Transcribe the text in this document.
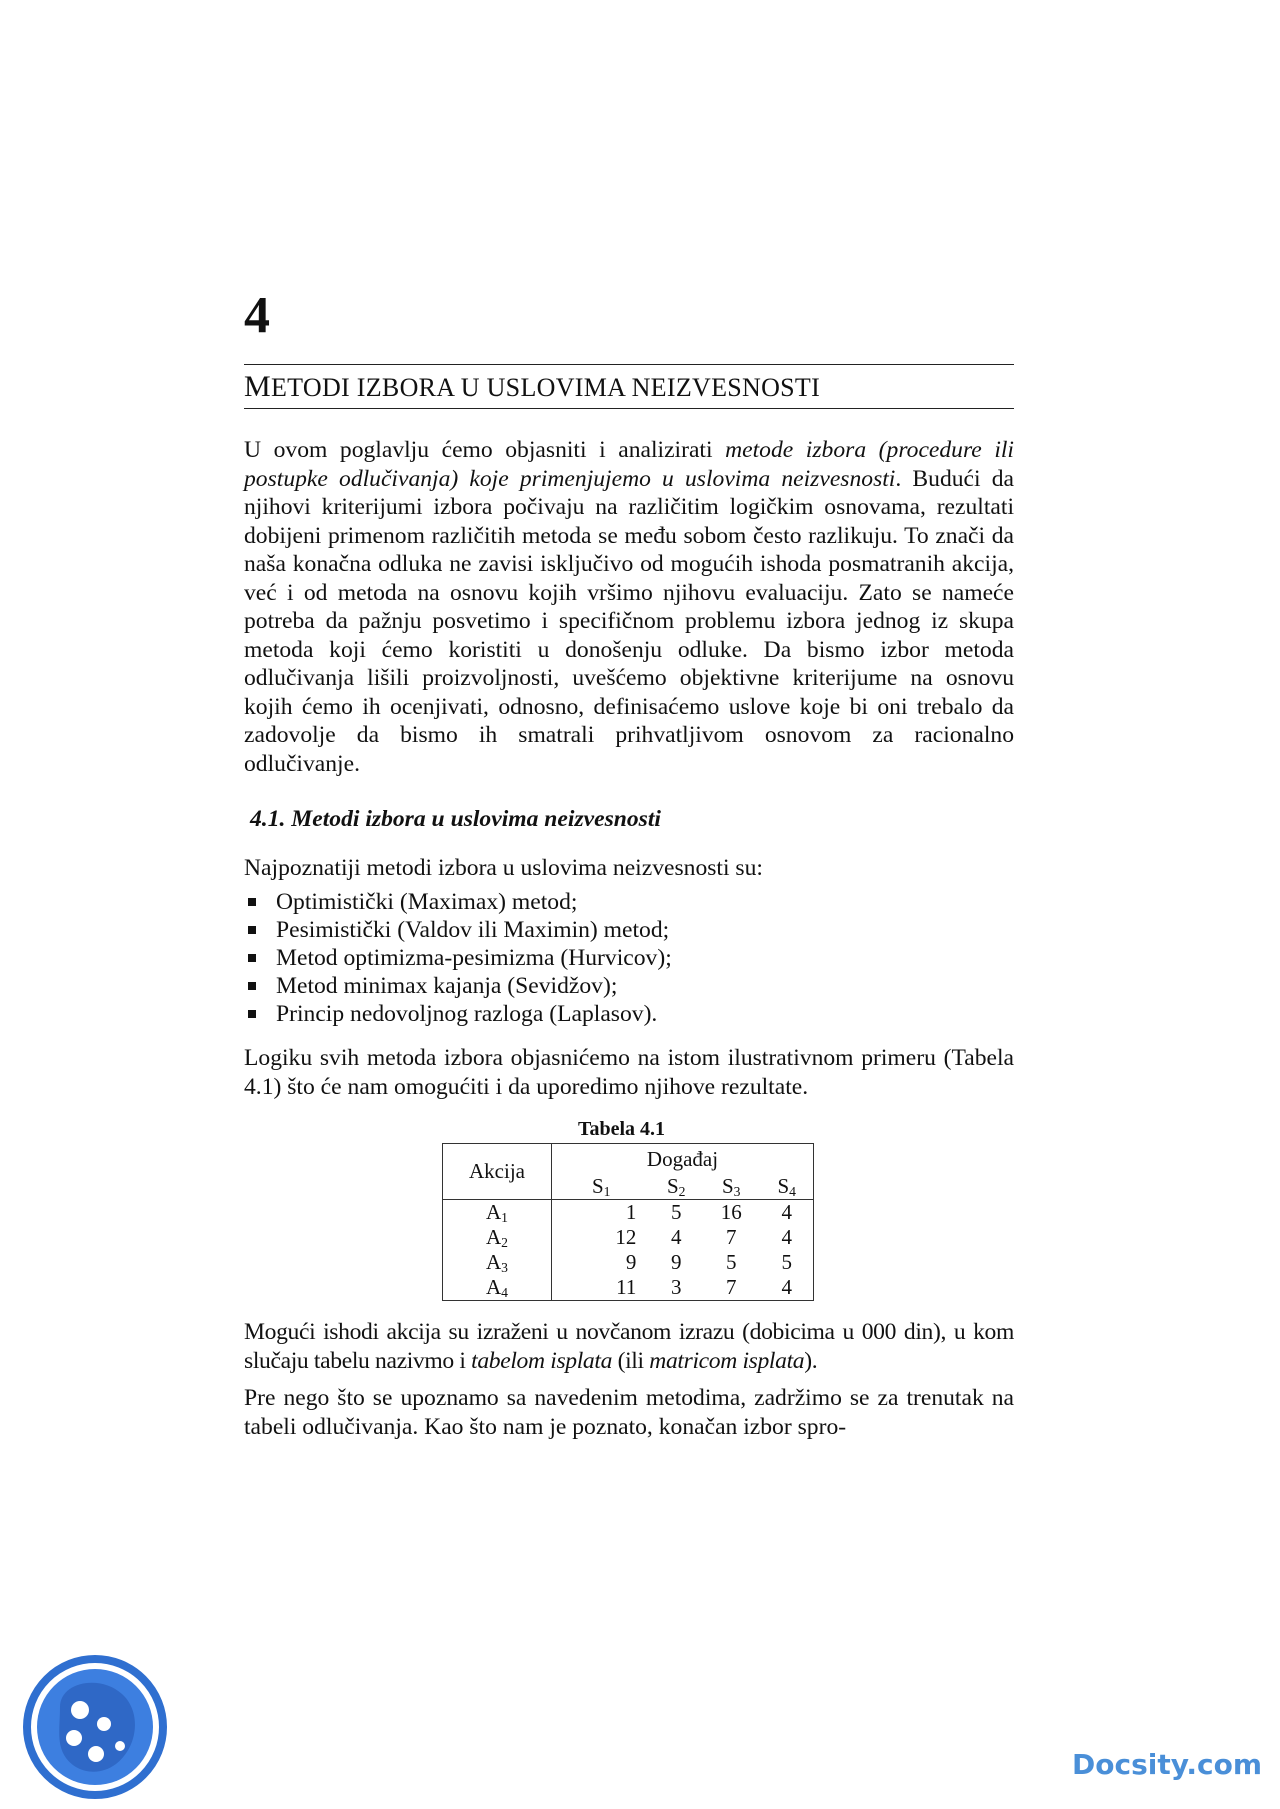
4
METODI IZBORA U USLOVIMA NEIZVESNOSTI
U ovom poglavlju ćemo objasniti i analizirati metode izbora (procedure ili postupke odlučivanja) koje primenjujemo u uslovima neizvesnosti. Budući da njihovi kriterijumi izbora počivaju na različitim logičkim osnovama, rezultati dobijeni primenom različitih metoda se među sobom često razlikuju. To znači da naša konačna odluka ne zavisi isključivo od mogućih ishoda posmatranih akcija, već i od metoda na osnovu kojih vršimo njihovu evaluaciju. Zato se nameće potreba da pažnju posvetimo i specifičnom problemu izbora jednog iz skupa metoda koji ćemo koristiti u donošenju odluke. Da bismo izbor metoda odlučivanja lišili proizvoljnosti, uvešćemo objektivne kriterijume na osnovu kojih ćemo ih ocenjivati, odnosno, definisaćemo uslove koje bi oni trebalo da zadovolje da bismo ih smatrali prihvatljivom osnovom za racionalno odlučivanje.
4.1. Metodi izbora u uslovima neizvesnosti
Najpoznatiji metodi izbora u uslovima neizvesnosti su:
Optimistički (Maximax) metod;
Pesimistički (Valdov ili Maximin) metod;
Metod optimizma-pesimizma (Hurvicov);
Metod minimax kajanja (Sevidžov);
Princip nedovoljnog razloga (Laplasov).
Logiku svih metoda izbora objasnićemo na istom ilustrativnom primeru (Tabela 4.1) što će nam omogućiti i da uporedimo njihove rezultate.
Tabela 4.1
Akcija	Događaj			
	$S_1$	$S_2$	$S_3$	$S_4$
$A_1$	1	5	16	4
$A_2$	12	4	7	4
$A_3$	9	9	5	5
$A_4$	11	3	7	4
Mogući ishodi akcija su izraženi u novčanom izrazu (dobicima u 000 din), u kom slučaju tabelu nazivmo i tabelom isplata (ili matricom isplata).
Pre nego što se upoznamo sa navedenim metodima, zadržimo se za trenutak na tabeli odlučivanja. Kao što nam je poznato, konačan izbor spro-
Docsity.com
